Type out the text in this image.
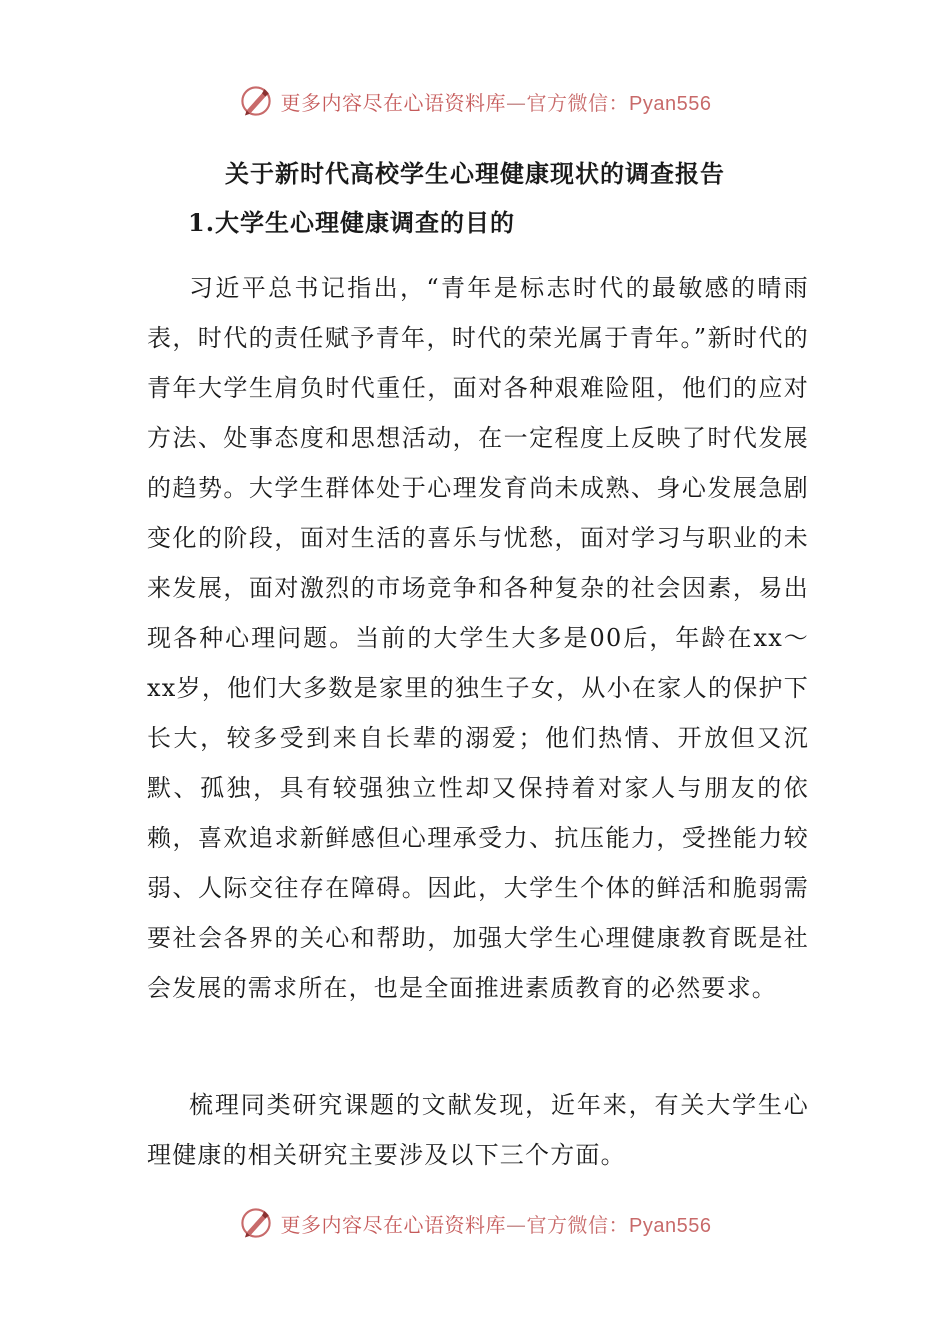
更多内容尽在心语资料库—官方微信：Pyan556
关于新时代高校学生心理健康现状的调查报告
1.大学生心理健康调查的目的

习近平总书记指出，“青年是标志时代的最敏感的晴雨表，时代的责任赋予青年，时代的荣光属于青年。”新时代的青年大学生肩负时代重任，面对各种艰难险阻，他们的应对方法、处事态度和思想活动，在一定程度上反映了时代发展的趋势。大学生群体处于心理发育尚未成熟、身心发展急剧变化的阶段，面对生活的喜乐与忧愁，面对学习与职业的未来发展，面对激烈的市场竞争和各种复杂的社会因素，易出现各种心理问题。当前的大学生大多是00后，年龄在xx～xx岁，他们大多数是家里的独生子女，从小在家人的保护下长大，较多受到来自长辈的溺爱；他们热情、开放但又沉默、孤独，具有较强独立性却又保持着对家人与朋友的依赖，喜欢追求新鲜感但心理承受力、抗压能力，受挫能力较弱、人际交往存在障碍。因此，大学生个体的鲜活和脆弱需要社会各界的关心和帮助，加强大学生心理健康教育既是社会发展的需求所在，也是全面推进素质教育的必然要求。

梳理同类研究课题的文献发现，近年来，有关大学生心理健康的相关研究主要涉及以下三个方面。

更多内容尽在心语资料库—官方微信：Pyan556
